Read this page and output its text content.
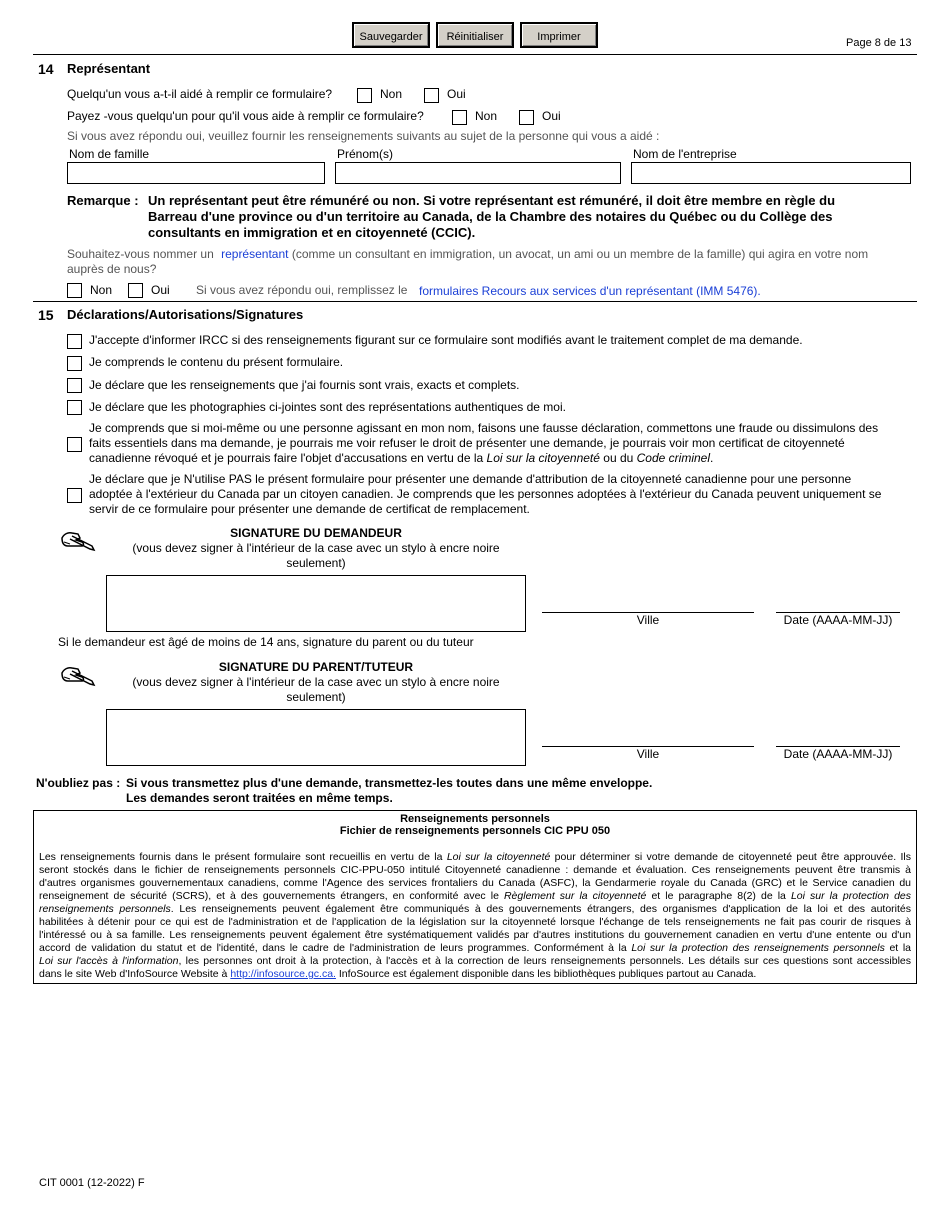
Sauvegarder	Réinitialiser	Imprimer	Page 8 de 13
14 Représentant
Quelqu'un vous a-t-il aidé à remplir ce formulaire?	Non	Oui
Payez -vous quelqu'un pour qu'il vous aide à remplir ce formulaire?	Non	Oui
Si vous avez répondu oui, veuillez fournir les renseignements suivants au sujet de la personne qui vous a aidé :
Nom de famille	Prénom(s)	Nom de l'entreprise
Remarque : Un représentant peut être rémunéré ou non. Si votre représentant est rémunéré, il doit être membre en règle du
Barreau d'une province ou d'un territoire au Canada, de la Chambre des notaires du Québec ou du Collège des
consultants en immigration et en citoyenneté (CCIC).
Souhaitez-vous nommer un représentant (comme un consultant en immigration, un avocat, un ami ou un membre de la famille) qui agira en votre nom
auprès de nous?
Non	Oui Si vous avez répondu oui, remplissez le formulaires Recours aux services d'un représentant (IMM 5476).
15 Déclarations/Autorisations/Signatures
J'accepte d'informer IRCC si des renseignements figurant sur ce formulaire sont modifiés avant le traitement complet de ma demande.
Je comprends le contenu du présent formulaire.
Je déclare que les renseignements que j'ai fournis sont vrais, exacts et complets.
Je déclare que les photographies ci-jointes sont des représentations authentiques de moi.
Je comprends que si moi-même ou une personne agissant en mon nom, faisons une fausse déclaration, commettons une fraude ou dissimulons des
faits essentiels dans ma demande, je pourrais me voir refuser le droit de présenter une demande, je pourrais voir mon certificat de citoyenneté
canadienne révoqué et je pourrais faire l'objet d'accusations en vertu de la Loi sur la citoyenneté ou du Code criminel.
Je déclare que je N'utilise PAS le présent formulaire pour présenter une demande d'attribution de la citoyenneté canadienne pour une personne
adoptée à l'extérieur du Canada par un citoyen canadien. Je comprends que les personnes adoptées à l'extérieur du Canada peuvent uniquement se
servir de ce formulaire pour présenter une demande de certificat de remplacement.
SIGNATURE DU DEMANDEUR
(vous devez signer à l'intérieur de la case avec un stylo à encre noire
seulement)
Ville	Date (AAAA-MM-JJ)
Si le demandeur est âgé de moins de 14 ans, signature du parent ou du tuteur
SIGNATURE DU PARENT/TUTEUR
(vous devez signer à l'intérieur de la case avec un stylo à encre noire
seulement)
Ville	Date (AAAA-MM-JJ)
N'oubliez pas : Si vous transmettez plus d'une demande, transmettez-les toutes dans une même enveloppe.
Les demandes seront traitées en même temps.
Renseignements personnels
Fichier de renseignements personnels CIC PPU 050
Les renseignements fournis dans le présent formulaire sont recueillis en vertu de la Loi sur la citoyenneté pour déterminer si votre demande de citoyenneté peut être approuvée. Ils
seront stockés dans le fichier de renseignements personnels CIC-PPU-050 intitulé Citoyenneté canadienne : demande et évaluation. Ces renseignements peuvent être transmis à
d'autres organismes gouvernementaux canadiens, comme l'Agence des services frontaliers du Canada (ASFC), la Gendarmerie royale du Canada (GRC) et le Service canadien du
renseignement de sécurité (SCRS), et à des gouvernements étrangers, en conformité avec le Règlement sur la citoyenneté et le paragraphe 8(2) de la Loi sur la protection des
renseignements personnels. Les renseignements peuvent également être communiqués à des gouvernements étrangers, des organismes d'application de la loi et des autorités
habilitées à détenir pour ce qui est de l'administration et de l'application de la législation sur la citoyenneté lorsque l'échange de tels renseignements ne fait pas courir de risques à
l'intéressé ou à sa famille. Les renseignements peuvent également être systématiquement validés par d'autres institutions du gouvernement canadien en vertu d'une entente ou d'un
accord de validation du statut et de l'identité, dans le cadre de l'administration de leurs programmes. Conformément à la Loi sur la protection des renseignements personnels et la
Loi sur l'accès à l'information, les personnes ont droit à la protection, à l'accès et à la correction de leurs renseignements personnels. Les détails sur ces questions sont accessibles
dans le site Web d'InfoSource Website à http://infosource.gc.ca. InfoSource est également disponible dans les bibliothèques publiques partout au Canada.
CIT 0001 (12-2022) F
